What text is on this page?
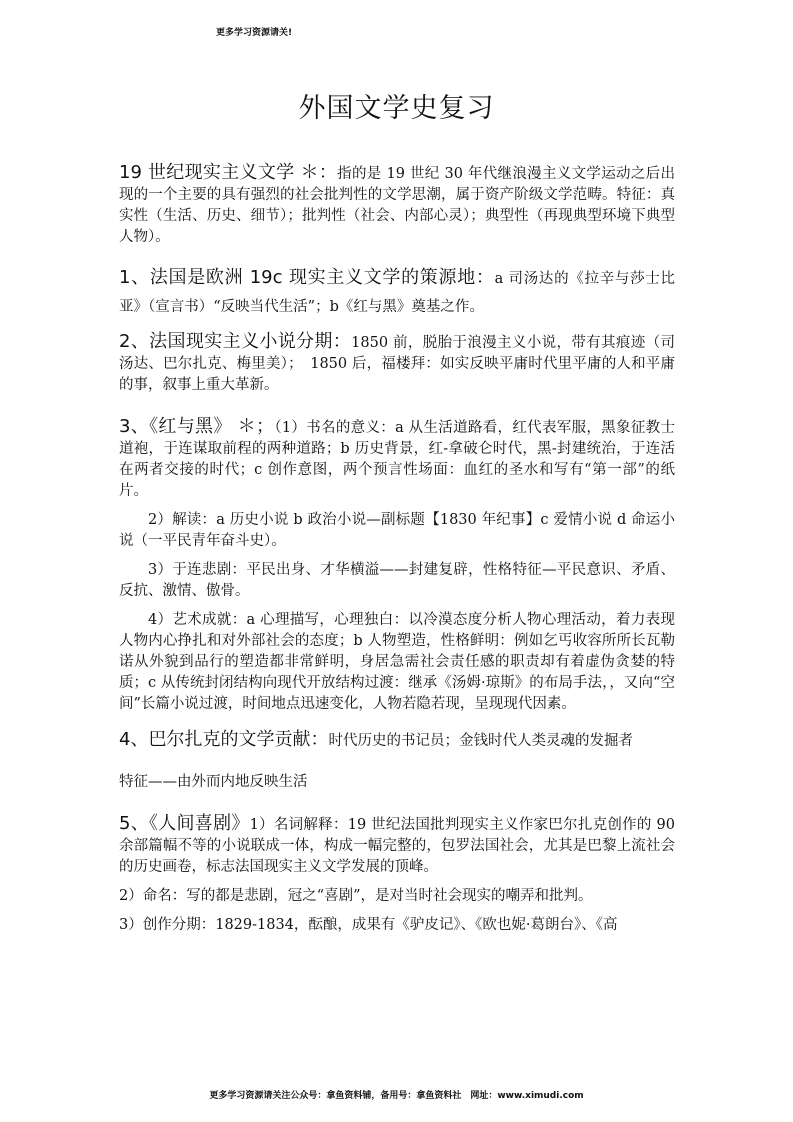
更多学习资源请关!
外国文学史复习

19 世纪现实主义文学 ＊：指的是 19 世纪 30 年代继浪漫主义文学运动之后出现的一个主要的具有强烈的社会批判性的文学思潮，属于资产阶级文学范畴。特征：真实性（生活、历史、细节）；批判性（社会、内部心灵）；典型性（再现典型环境下典型人物）。

1、法国是欧洲 19c 现实主义文学的策源地：a 司汤达的《拉辛与莎士比亚》（宣言书）“反映当代生活”；b《红与黑》奠基之作。

2、法国现实主义小说分期：1850 前，脱胎于浪漫主义小说，带有其痕迹（司汤达、巴尔扎克、梅里美）；　1850 后，福楼拜：如实反映平庸时代里平庸的人和平庸的事，叙事上重大革新。

3、《红与黑》 ＊；（1）书名的意义：a 从生活道路看，红代表军服，黑象征教士道袍，于连谋取前程的两种道路；b 历史背景，红-拿破仑时代，黑-封建统治，于连活在两者交接的时代；c 创作意图，两个预言性场面：血红的圣水和写有“第一部”的纸片。

2）解读：a 历史小说 b 政治小说—副标题【1830 年纪事】c 爱情小说 d 命运小说（一平民青年奋斗史）。

3）于连悲剧：平民出身、才华横溢——封建复辟，性格特征—平民意识、矛盾、反抗、激情、傲骨。

4）艺术成就：a 心理描写，心理独白：以冷漠态度分析人物心理活动，着力表现人物内心挣扎和对外部社会的态度；b 人物塑造，性格鲜明：例如乞丐收容所所长瓦勒诺从外貌到品行的塑造都非常鲜明，身居急需社会责任感的职责却有着虚伪贪婪的特质；c 从传统封闭结构向现代开放结构过渡：继承《汤姆·琼斯》的布局手法，，又向“空间”长篇小说过渡，时间地点迅速变化，人物若隐若现，呈现现代因素。

4、巴尔扎克的文学贡献：时代历史的书记员；金钱时代人类灵魂的发掘者

特征——由外而内地反映生活

5、《人间喜剧》1）名词解释：19 世纪法国批判现实主义作家巴尔扎克创作的 90 余部篇幅不等的小说联成一体，构成一幅完整的，包罗法国社会，尤其是巴黎上流社会的历史画卷，标志法国现实主义文学发展的顶峰。

2）命名：写的都是悲剧，冠之“喜剧”，是对当时社会现实的嘲弄和批判。

3）创作分期：1829-1834，酝酿，成果有《驴皮记》、《欧也妮·葛朗台》、《高

更多学习资源请关注公众号：拿鱼资料铺，备用号：拿鱼资料社　网址：www.ximudi.com
